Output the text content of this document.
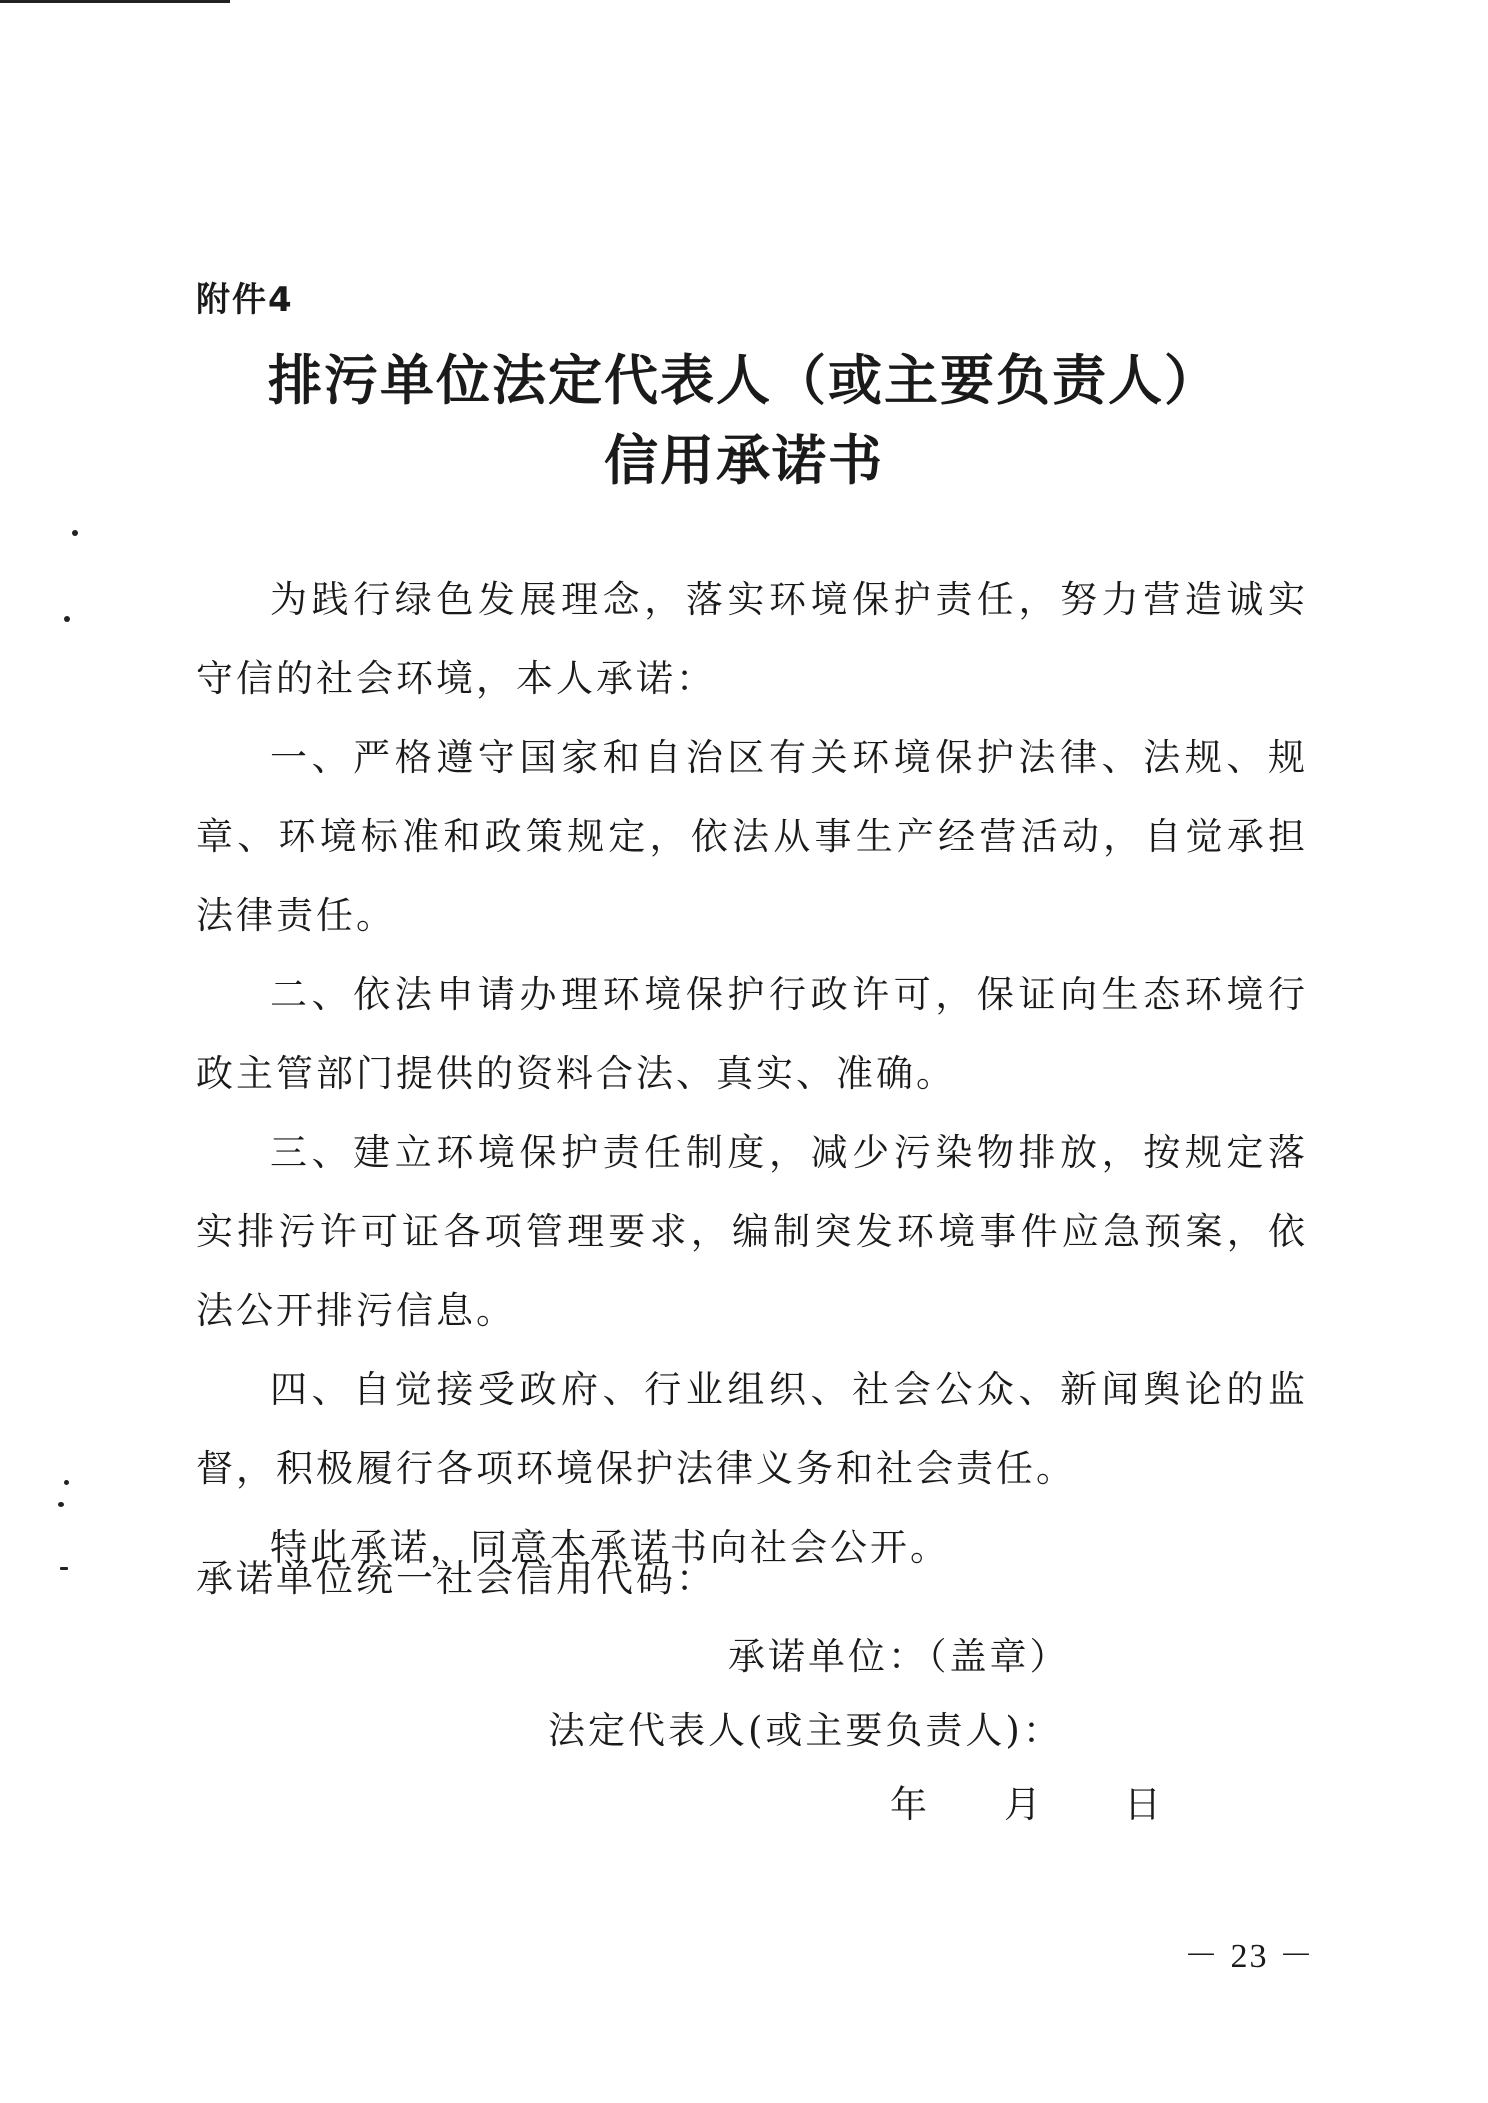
附件4
排污单位法定代表人（或主要负责人）
信用承诺书

为践行绿色发展理念，落实环境保护责任，努力营造诚实守信的社会环境，本人承诺：

一、严格遵守国家和自治区有关环境保护法律、法规、规章、环境标准和政策规定，依法从事生产经营活动，自觉承担法律责任。

二、依法申请办理环境保护行政许可，保证向生态环境行政主管部门提供的资料合法、真实、准确。

三、建立环境保护责任制度，减少污染物排放，按规定落实排污许可证各项管理要求，编制突发环境事件应急预案，依法公开排污信息。

四、自觉接受政府、行业组织、社会公众、新闻舆论的监督，积极履行各项环境保护法律义务和社会责任。

特此承诺，同意本承诺书向社会公开。

承诺单位统一社会信用代码：
承诺单位：（盖章）
法定代表人(或主要负责人)：
年 月 日
－ 23 －
